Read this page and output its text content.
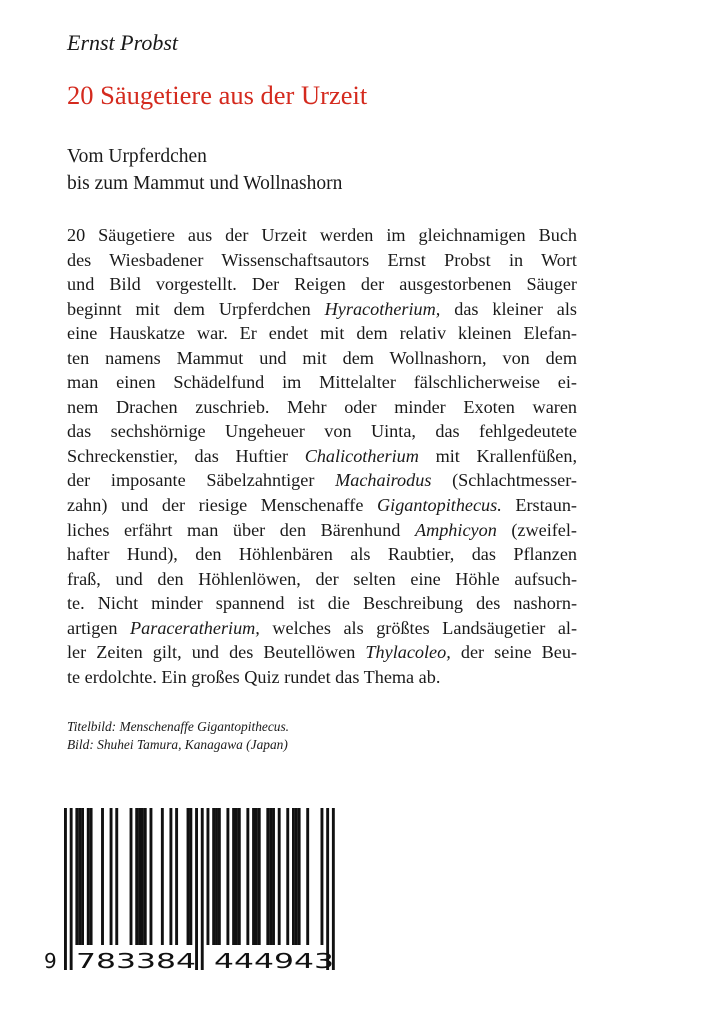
Ernst Probst
20 Säugetiere aus der Urzeit
Vom Urpferdchen
bis zum Mammut und Wollnashorn
20 Säugetiere aus der Urzeit werden im gleichnamigen Buch
des Wiesbadener Wissenschaftsautors Ernst Probst in Wort
und Bild vorgestellt. Der Reigen der ausgestorbenen Säuger
beginnt mit dem Urpferdchen Hyracotherium, das kleiner als
eine Hauskatze war. Er endet mit dem relativ kleinen Elefan-
ten namens Mammut und mit dem Wollnashorn, von dem
man einen Schädelfund im Mittelalter fälschlicherweise ei-
nem Drachen zuschrieb. Mehr oder minder Exoten waren
das sechshörnige Ungeheuer von Uinta, das fehlgedeutete
Schreckenstier, das Huftier Chalicotherium mit Krallenfüßen,
der imposante Säbelzahntiger Machairodus (Schlachtmesser-
zahn) und der riesige Menschenaffe Gigantopithecus. Erstaun-
liches erfährt man über den Bärenhund Amphicyon (zweifel-
hafter Hund), den Höhlenbären als Raubtier, das Pflanzen
fraß, und den Höhlenlöwen, der selten eine Höhle aufsuch-
te. Nicht minder spannend ist die Beschreibung des nashorn-
artigen Paraceratherium, welches als größtes Landsäugetier al-
ler Zeiten gilt, und des Beutellöwen Thylacoleo, der seine Beu-
te erdolchte. Ein großes Quiz rundet das Thema ab.
Titelbild: Menschenaffe Gigantopithecus.
Bild: Shuhei Tamura, Kanagawa (Japan)
9 783384 444943
